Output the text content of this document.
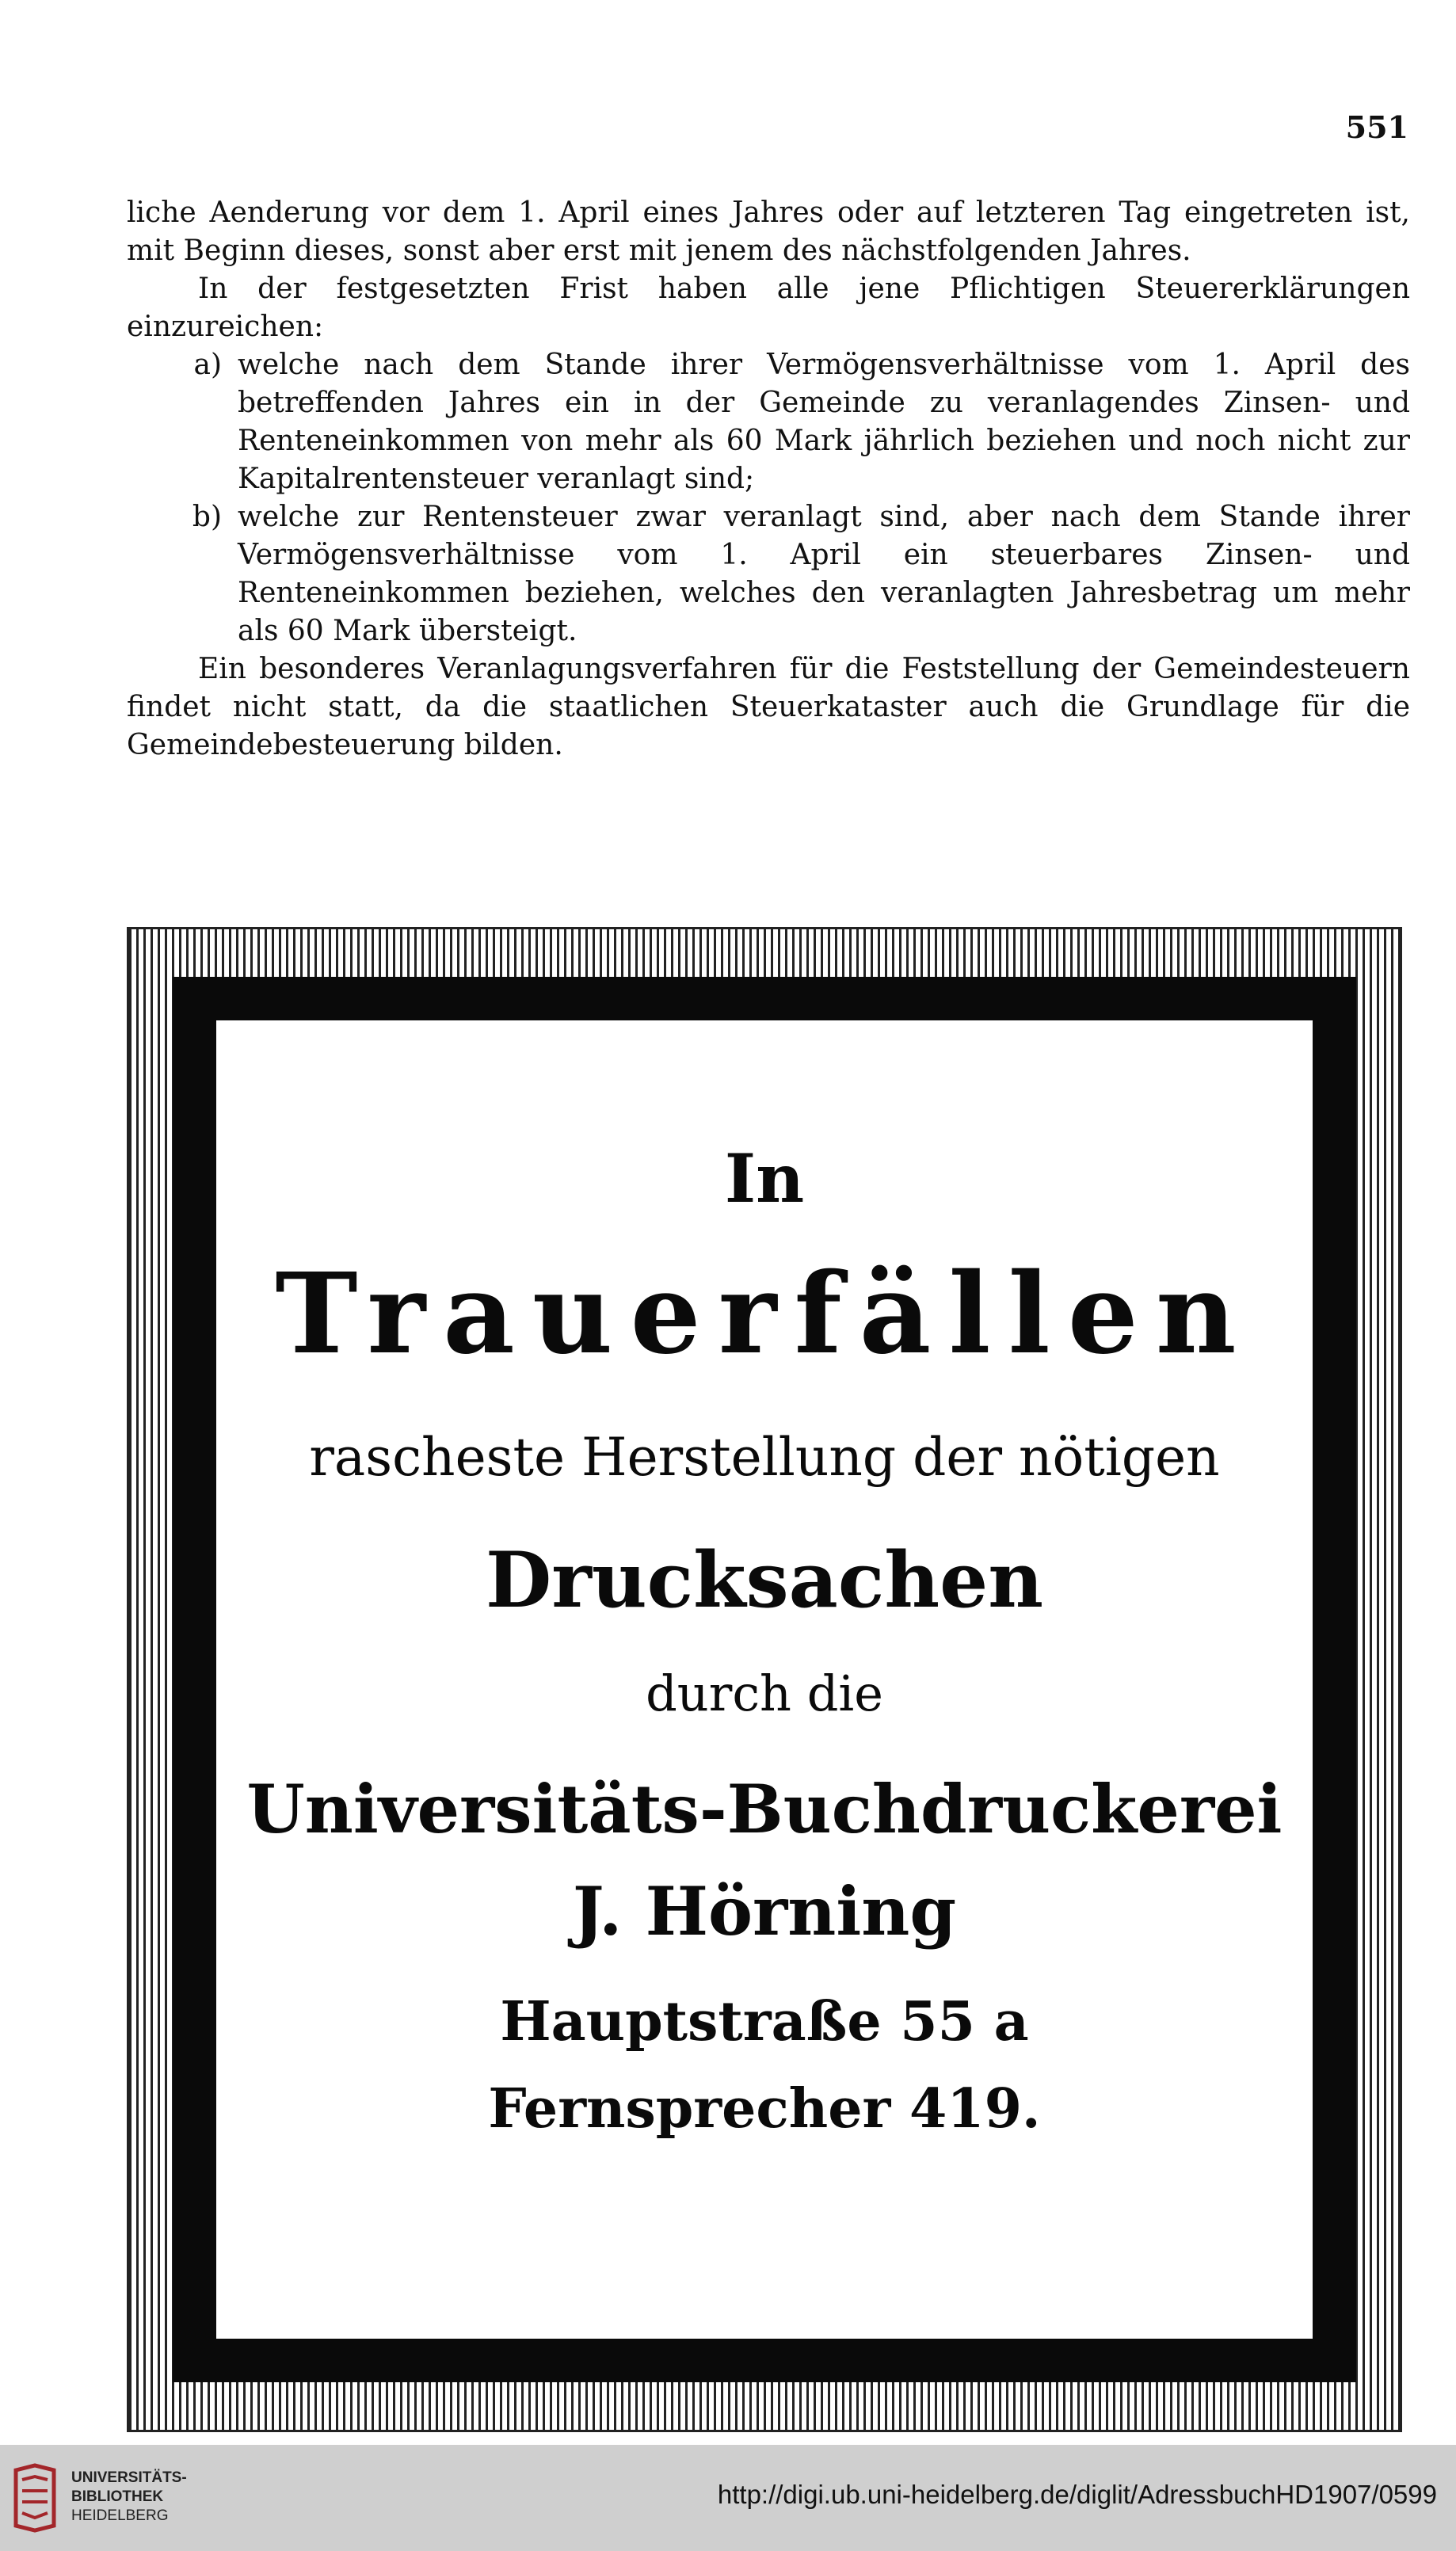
551

liche Aenderung vor dem 1. April eines Jahres oder auf letzteren Tag eingetreten ist, mit Beginn dieses, sonst aber erst mit jenem des nächstfolgenden Jahres.

In der festgesetzten Frist haben alle jene Pflichtigen Steuererklärungen einzureichen:

a) welche nach dem Stande ihrer Vermögensverhältnisse vom 1. April des betreffenden Jahres ein in der Gemeinde zu veranlagendes Zinsen- und Renteneinkommen von mehr als 60 Mark jährlich beziehen und noch nicht zur Kapitalrentensteuer veranlagt sind;
b) welche zur Rentensteuer zwar veranlagt sind, aber nach dem Stande ihrer Vermögensverhältnisse vom 1. April ein steuerbares Zinsen- und Renteneinkommen beziehen, welches den veranlagten Jahresbetrag um mehr als 60 Mark übersteigt.

Ein besonderes Veranlagungsverfahren für die Feststellung der Gemeindesteuern findet nicht statt, da die staatlichen Steuerkataster auch die Grundlage für die Gemeindebesteuerung bilden.

In
Trauerfällen
rascheste Herstellung der nötigen
Drucksachen
durch die
Universitäts-Buchdruckerei
J. Hörning
Hauptstraße 55 a
Fernsprecher 419.
UNIVERSITÄTS-
BIBLIOTHEK
HEIDELBERG
http://digi.ub.uni-heidelberg.de/diglit/AdressbuchHD1907/0599
